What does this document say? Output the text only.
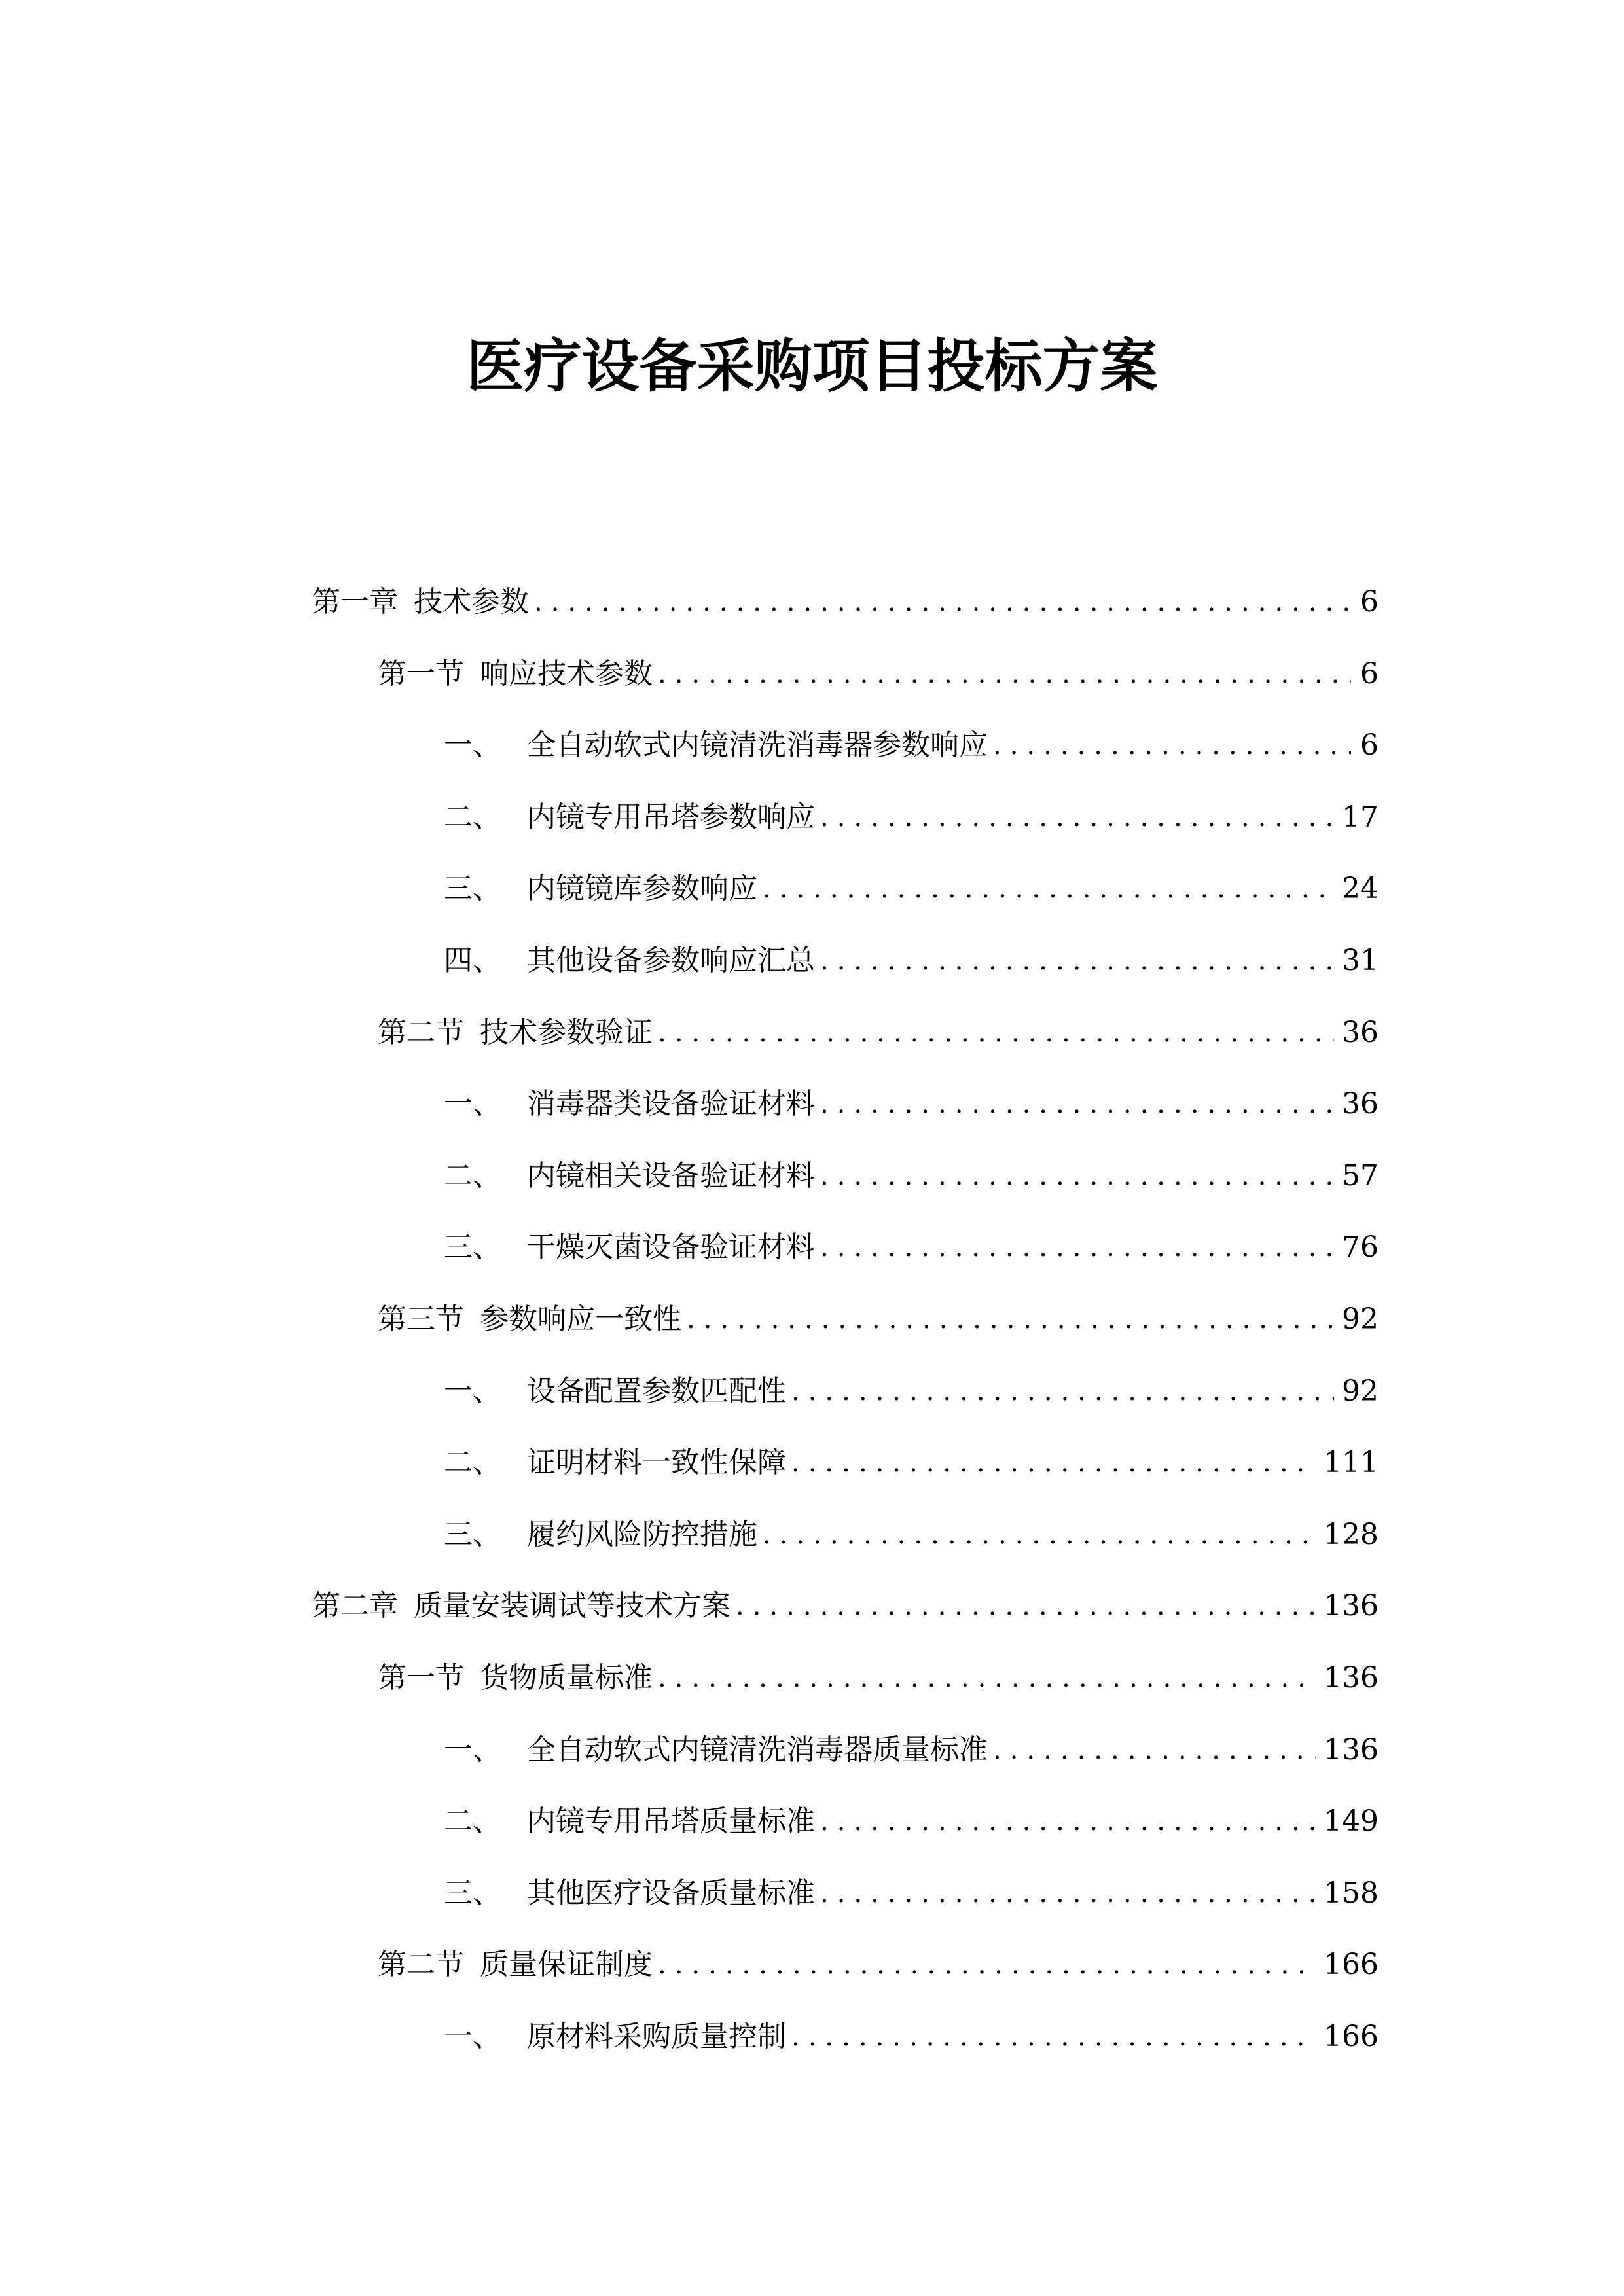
医疗设备采购项目投标方案
第一章 技术参数 .....	6
第一节 响应技术参数 .....	6
一、 全自动软式内镜清洗消毒器参数响应 .....	6
二、 内镜专用吊塔参数响应 .....	17
三、 内镜镜库参数响应 .....	24
四、 其他设备参数响应汇总 .....	31
第二节 技术参数验证 .....	36
一、 消毒器类设备验证材料 .....	36
二、 内镜相关设备验证材料 .....	57
三、 干燥灭菌设备验证材料 .....	76
第三节 参数响应一致性 .....	92
一、 设备配置参数匹配性 .....	92
二、 证明材料一致性保障 .....	111
三、 履约风险防控措施 .....	128
第二章 质量安装调试等技术方案 .....	136
第一节 货物质量标准 .....	136
一、 全自动软式内镜清洗消毒器质量标准 .....	136
二、 内镜专用吊塔质量标准 .....	149
三、 其他医疗设备质量标准 .....	158
第二节 质量保证制度 .....	166
一、 原材料采购质量控制 .....	166
